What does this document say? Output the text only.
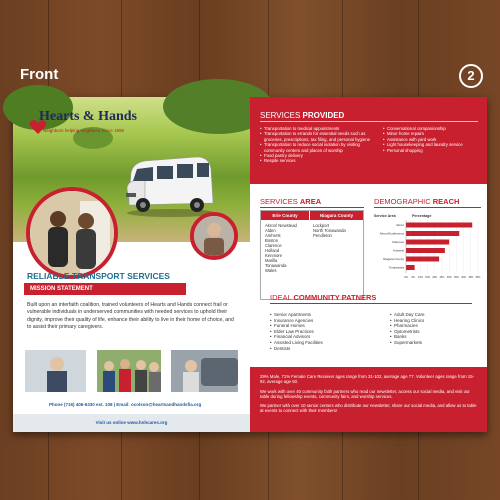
Front	2
Hearts & Hands
Neighbors helping neighbors Since 1998
RELIABLE TRANSPORT SERVICES
MISSION STATEMENT
Built upon an interfaith coalition, trained volunteers of Hearts and Hands connect frail or vulnerable individuals in underserved communities with needed services to uphold their dignity, improve their quality of life, enhance their ability to live in their home of choice, and to assist their primary caregivers.
Phone (716) 406-6330 ext. 108 | Email: ocolson@heartsandhandsfia.org
Visit us online www.hnhcares.org
SERVICES PROVIDED
• Transportation to medical appointments
• Transportation to errands for essential needs such as groceries, prescriptions, tax filing, and personal hygiene
• Transportation to reduce social isolation by visiting community centers and places of worship
• Food pantry delivery
• Respite services
• Conversational companionship
• Minor home repairs
• Assistance with yard work
• Light housekeeping and laundry service
• Personal shopping
SERVICES AREA	DEMOGRAPHIC REACH
Erie County	Niagara County
Akron/ Newstead
Alden
Amherst
Boston
Clarence
Holland
Kenmore
Marilla
Tonawanda
Wales
Lockport
North Tonawanda
Pendleton
Service Area	Percentage
0%	5%	10%	15%	20%	25%	30%	35%	40%	45%	50%
Akron
Akron/Southtowns
Clarence
Amherst
Niagara County
Tonawanda
IDEAL COMMUNITY PATNERS
• Senior Apartments
• Insurance Agencies
• Funeral Homes
• Elder Law Practices
• Financial Advisors
• Assisted Living Facilities
• Dentists
• Adult Day Care
• Hearing Clinics
• Pharmacies
• Optometrists
• Banks
• Supermarkets

29% Male, 71% Female Care Receiver ages range from 31-102, average age 77. Volunteer ages range from 15-92, average age 60.

We work with over 40 community faith partners who read our newsletter, access our social media, and visit our table during fellowship events, community fairs, and worship services.

We partner with over 10 senior centers who distribute our newsletter, share our social media, and allow us to table at events to connect with their members!
